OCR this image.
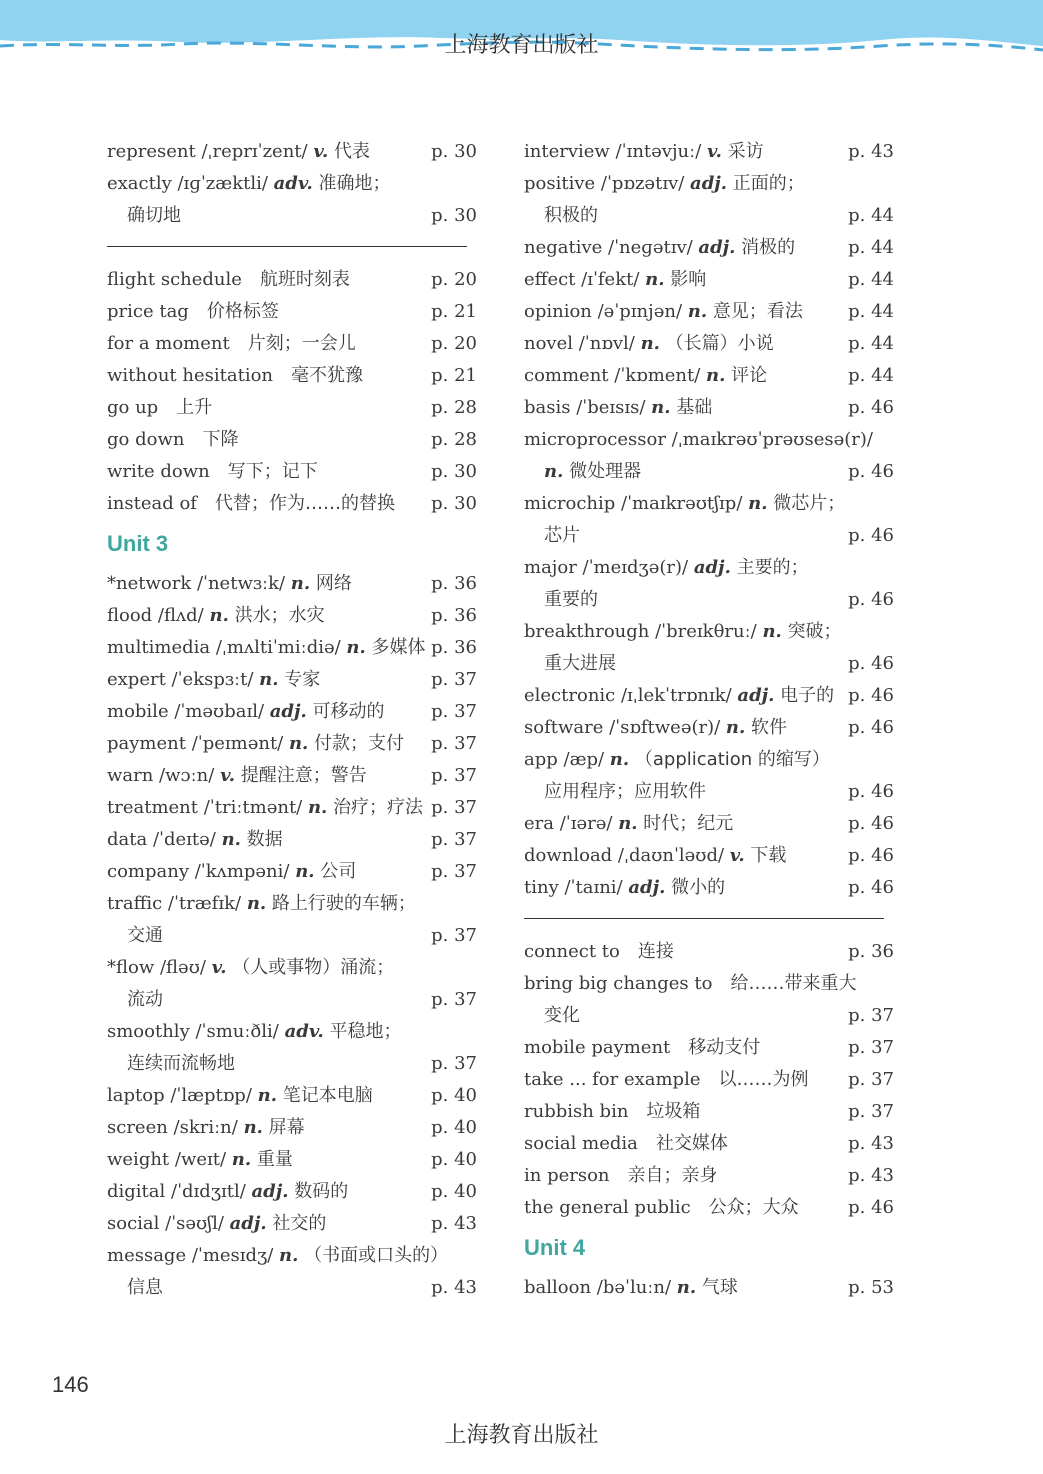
上海教育出版社
represent /ˌreprɪˈzent/ v. 代表	p. 30
exactly /ɪɡˈzæktli/ adv. 准确地；
确切地	p. 30
flight schedule　航班时刻表	p. 20
price tag　价格标签	p. 21
for a moment　片刻；一会儿	p. 20
without hesitation　毫不犹豫	p. 21
go up　上升	p. 28
go down　下降	p. 28
write down　写下；记下	p. 30
instead of　代替；作为……的替换 p. 30
Unit 3
*network /ˈnetwɜːk/ n. 网络	p. 36
flood /flʌd/ n. 洪水；水灾	p. 36
multimedia /ˌmʌltiˈmiːdiə/ n. 多媒体 p. 36
expert /ˈekspɜːt/ n. 专家	p. 37
mobile /ˈməʊbaɪl/ adj. 可移动的	p. 37
payment /ˈpeɪmənt/ n. 付款；支付 p. 37
warn /wɔːn/ v. 提醒注意；警告	p. 37
treatment /ˈtriːtmənt/ n. 治疗；疗法 p. 37
data /ˈdeɪtə/ n. 数据	p. 37
company /ˈkʌmpəni/ n. 公司	p. 37
traffic /ˈtræfɪk/ n. 路上行驶的车辆；
交通	p. 37
*flow /fləʊ/ v. （人或事物）涌流；
流动	p. 37
smoothly /ˈsmuːðli/ adv. 平稳地；
连续而流畅地	p. 37
laptop /ˈlæptɒp/ n. 笔记本电脑	p. 40
screen /skriːn/ n. 屏幕	p. 40
weight /weɪt/ n. 重量	p. 40
digital /ˈdɪdʒɪtl/ adj. 数码的	p. 40
social /ˈsəʊʃl/ adj. 社交的	p. 43
message /ˈmesɪdʒ/ n. （书面或口头的）
信息	p. 43
interview /ˈɪntəvjuː/ v. 采访	p. 43
positive /ˈpɒzətɪv/ adj. 正面的；
积极的	p. 44
negative /ˈneɡətɪv/ adj. 消极的	p. 44
effect /ɪˈfekt/ n. 影响	p. 44
opinion /əˈpɪnjən/ n. 意见；看法	p. 44
novel /ˈnɒvl/ n. （长篇）小说	p. 44
comment /ˈkɒment/ n. 评论	p. 44
basis /ˈbeɪsɪs/ n. 基础	p. 46
microprocessor /ˌmaɪkrəʊˈprəʊsesə(r)/
n. 微处理器	p. 46
microchip /ˈmaɪkrəʊtʃɪp/ n. 微芯片；
芯片	p. 46
major /ˈmeɪdʒə(r)/ adj. 主要的；
重要的	p. 46
breakthrough /ˈbreɪkθruː/ n. 突破；
重大进展	p. 46
electronic /ɪˌlekˈtrɒnɪk/ adj. 电子的 p. 46
software /ˈsɒftweə(r)/ n. 软件	p. 46
app /æp/ n. （application 的缩写）
应用程序；应用软件	p. 46
era /ˈɪərə/ n. 时代；纪元	p. 46
download /ˌdaʊnˈləʊd/ v. 下载	p. 46
tiny /ˈtaɪni/ adj. 微小的	p. 46
connect to　连接	p. 36
bring big changes to　给……带来重大
变化	p. 37
mobile payment　移动支付	p. 37
take ... for example　以……为例 p. 37
rubbish bin　垃圾箱	p. 37
social media　社交媒体	p. 43
in person　亲自；亲身	p. 43
the general public　公众；大众	p. 46
Unit 4
balloon /bəˈluːn/ n. 气球	p. 53
146
上海教育出版社
